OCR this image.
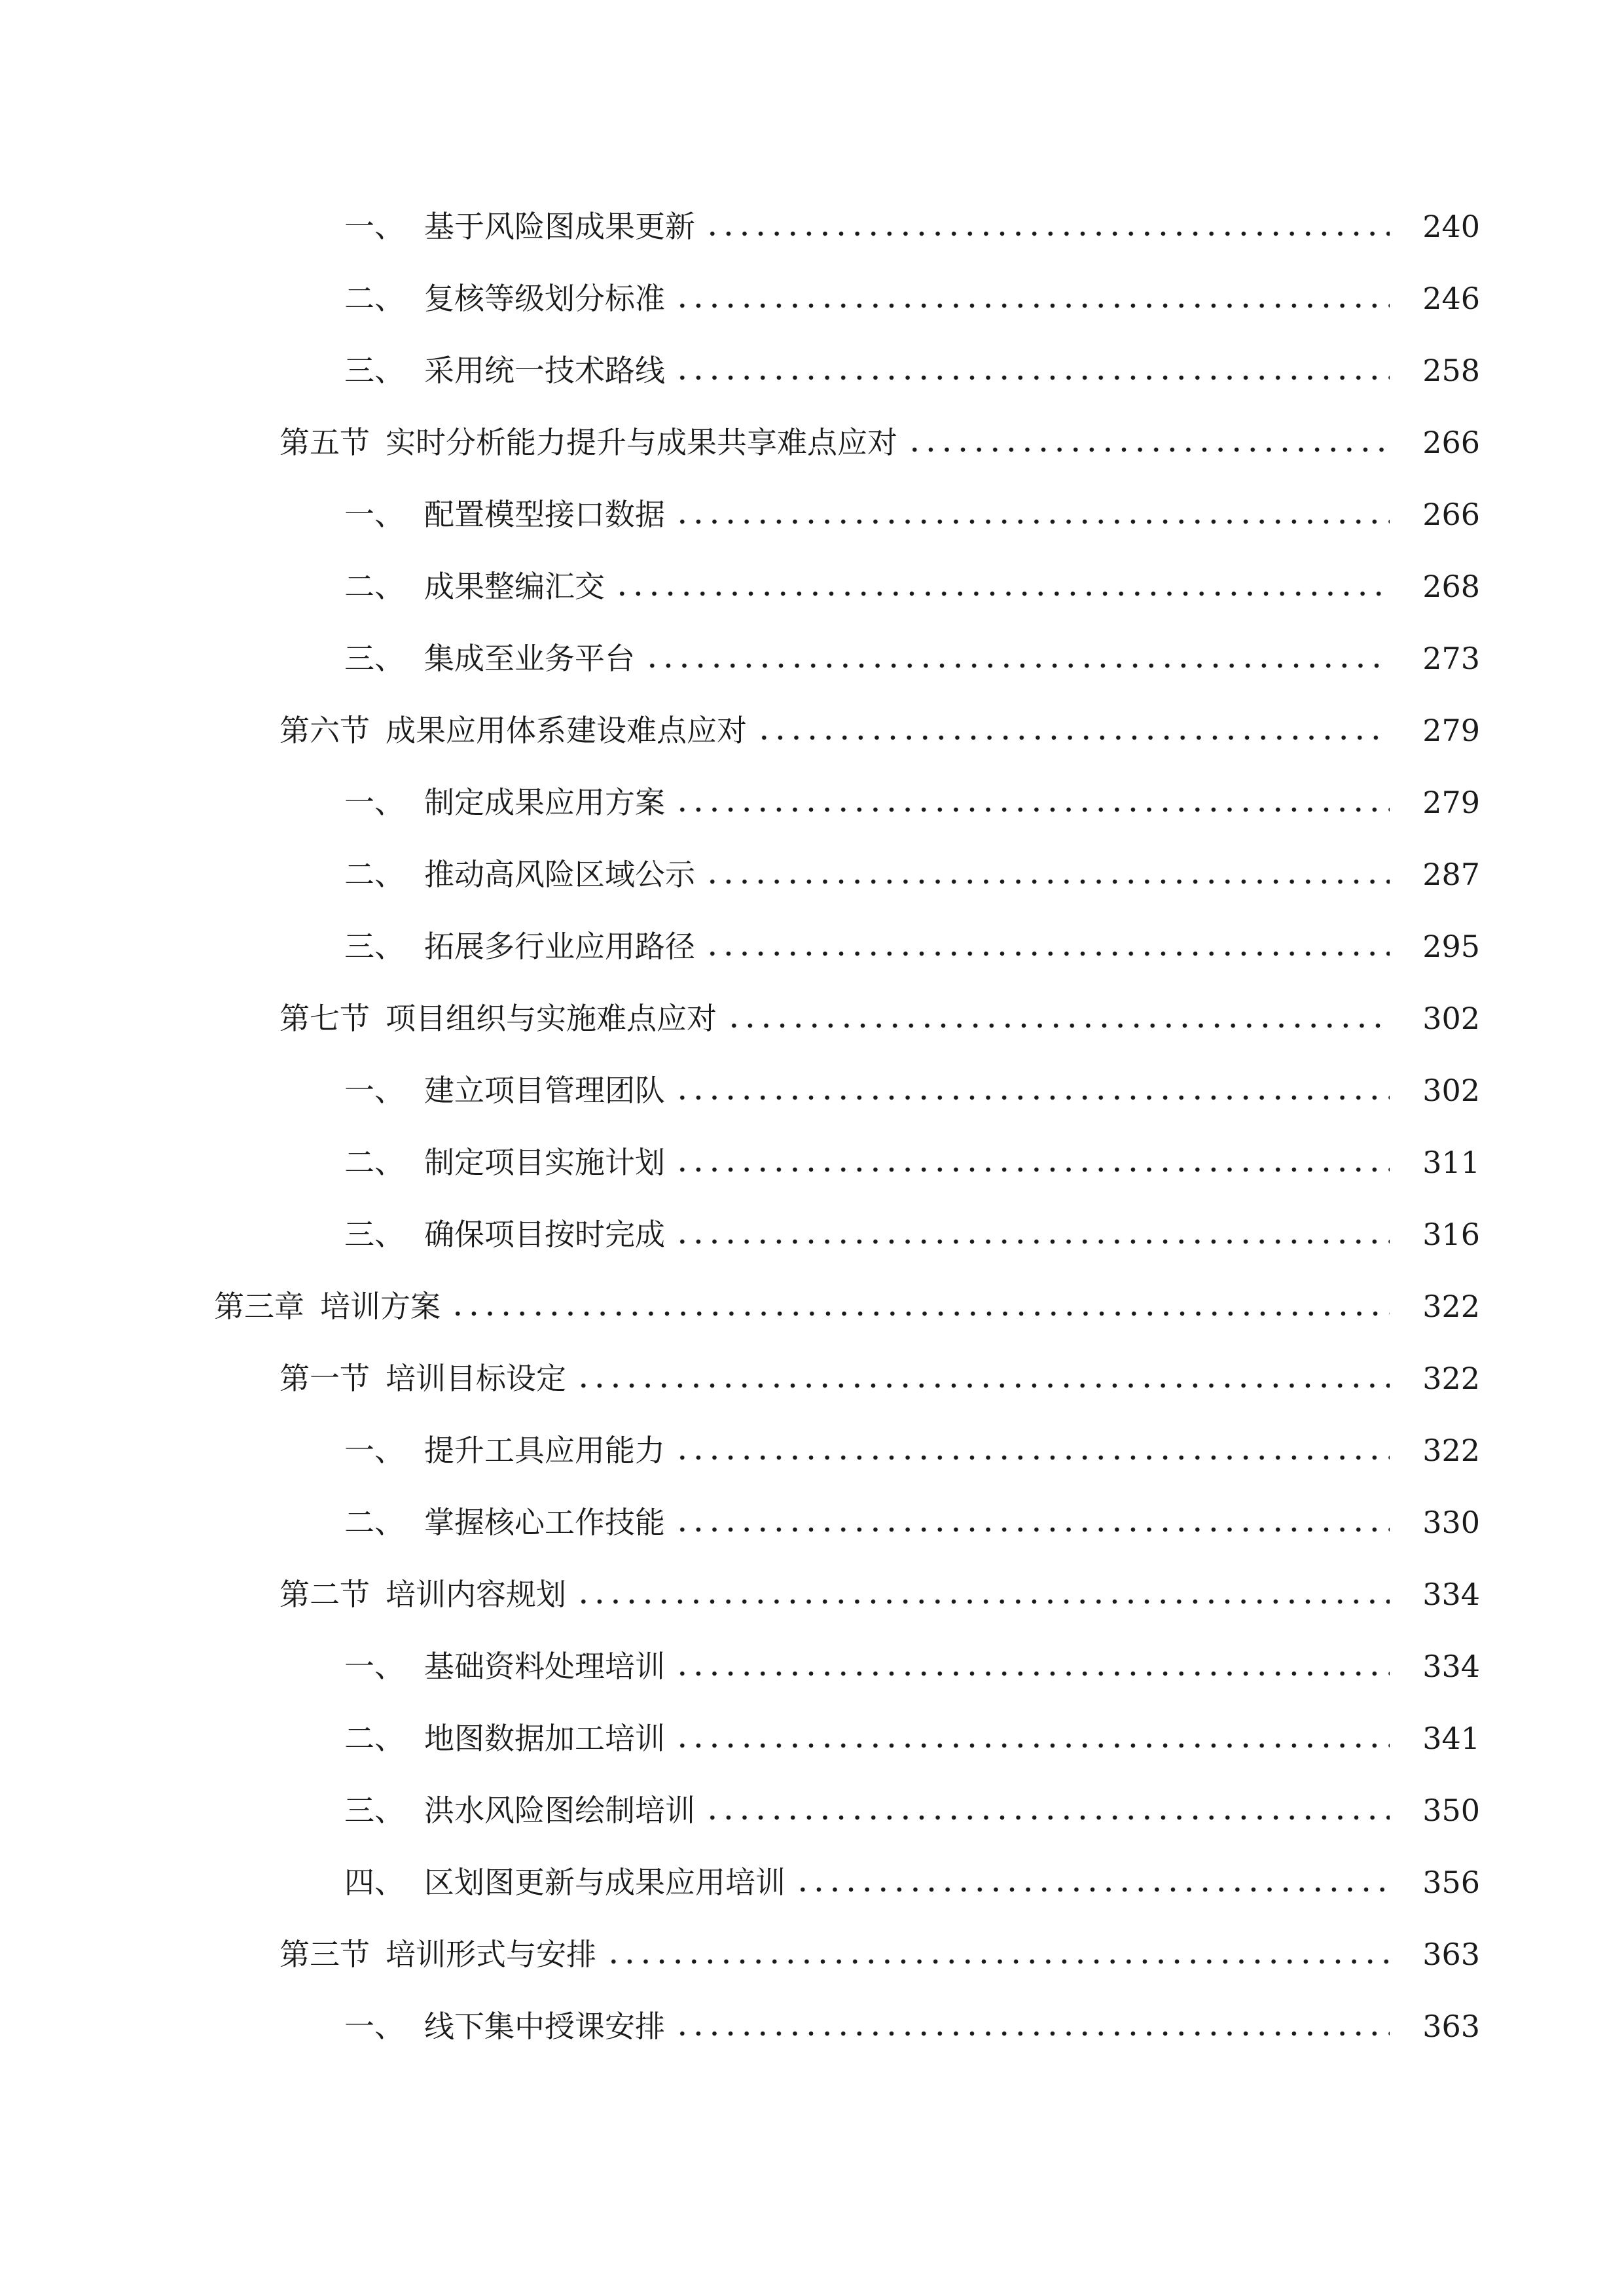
一、 基于风险图成果更新	240
二、 复核等级划分标准	246
三、 采用统一技术路线	258
第五节 实时分析能力提升与成果共享难点应对	266
一、 配置模型接口数据	266
二、 成果整编汇交	268
三、 集成至业务平台	273
第六节 成果应用体系建设难点应对	279
一、 制定成果应用方案	279
二、 推动高风险区域公示	287
三、 拓展多行业应用路径	295
第七节 项目组织与实施难点应对	302
一、 建立项目管理团队	302
二、 制定项目实施计划	311
三、 确保项目按时完成	316
第三章 培训方案	322
第一节 培训目标设定	322
一、 提升工具应用能力	322
二、 掌握核心工作技能	330
第二节 培训内容规划	334
一、 基础资料处理培训	334
二、 地图数据加工培训	341
三、 洪水风险图绘制培训	350
四、 区划图更新与成果应用培训	356
第三节 培训形式与安排	363
一、 线下集中授课安排	363
